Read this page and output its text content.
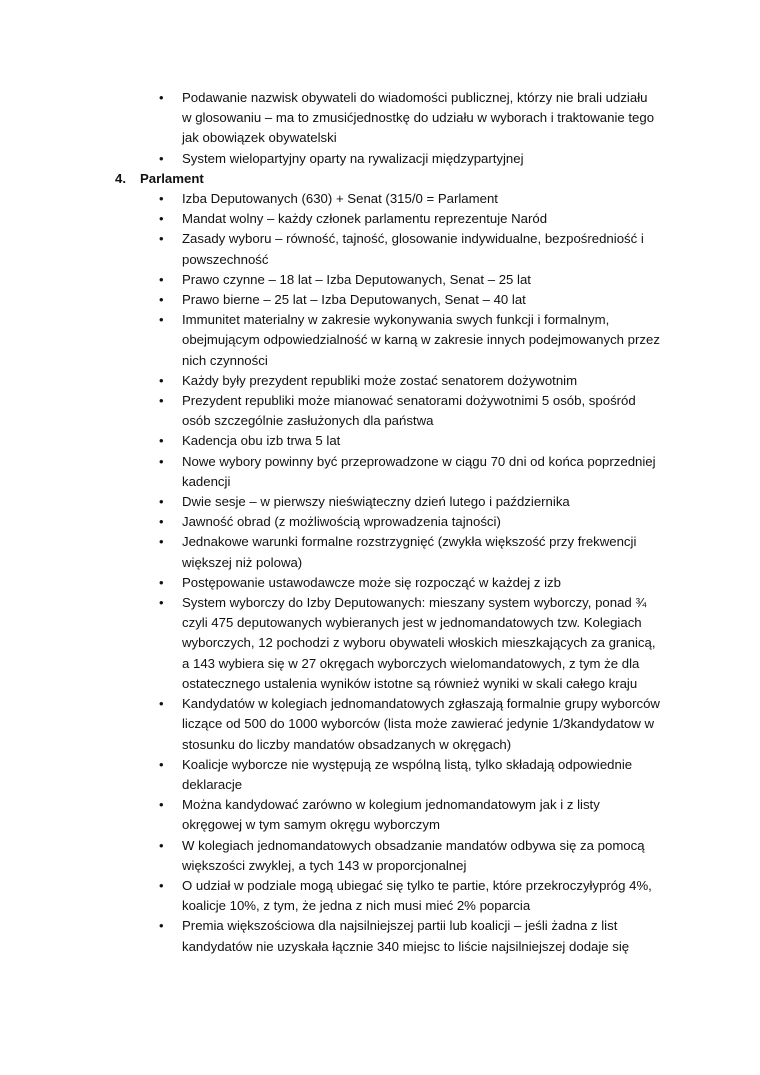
• Podawanie nazwisk obywateli do wiadomości publicznej, którzy nie brali udziału w glosowaniu – ma to zmusićjednostkę do udziału w wyborach i traktowanie tego jak obowiązek obywatelski
• System wielopartyjny oparty na rywalizacji międzypartyjnej
4. Parlament
• Izba Deputowanych (630) + Senat (315/0 = Parlament
• Mandat wolny – każdy członek parlamentu reprezentuje Naród
• Zasady wyboru – równość, tajność, glosowanie indywidualne, bezpośredniość i powszechność
• Prawo czynne – 18 lat – Izba Deputowanych, Senat – 25 lat
• Prawo bierne – 25 lat – Izba Deputowanych, Senat – 40 lat
• Immunitet materialny w zakresie wykonywania swych funkcji i formalnym, obejmującym odpowiedzialność w karną w zakresie innych podejmowanych przez nich czynności
• Każdy były prezydent republiki może zostać senatorem dożywotnim
• Prezydent republiki może mianować senatorami dożywotnimi 5 osób, spośród osób szczególnie zasłużonych dla państwa
• Kadencja obu izb trwa 5 lat
• Nowe wybory powinny być przeprowadzone w ciągu 70 dni od końca poprzedniej kadencji
• Dwie sesje – w pierwszy nieświąteczny dzień lutego i października
• Jawność obrad (z możliwością wprowadzenia tajności)
• Jednakowe warunki formalne rozstrzygnięć (zwykła większość przy frekwencji większej niż polowa)
• Postępowanie ustawodawcze może się rozpocząć w każdej z izb
• System wyborczy do Izby Deputowanych: mieszany system wyborczy, ponad ¾ czyli 475 deputowanych wybieranych jest w jednomandatowych tzw. Kolegiach wyborczych, 12 pochodzi z wyboru obywateli włoskich mieszkających za granicą, a 143 wybiera się w 27 okręgach wyborczych wielomandatowych, z tym że dla ostatecznego ustalenia wyników istotne są również wyniki w skali całego kraju
• Kandydatów w kolegiach jednomandatowych zgłaszają formalnie grupy wyborców liczące od 500 do 1000 wyborców (lista może zawierać jedynie 1/3kandydatow w stosunku do liczby mandatów obsadzanych w okręgach)
• Koalicje wyborcze nie występują ze wspólną listą, tylko składają odpowiednie deklaracje
• Można kandydować zarówno w kolegium jednomandatowym jak i z listy okręgowej w tym samym okręgu wyborczym
• W kolegiach jednomandatowych obsadzanie mandatów odbywa się za pomocą większości zwyklej, a tych 143 w proporcjonalnej
• O udział w podziale mogą ubiegać się tylko te partie, które przekroczyłypróg 4%, koalicje 10%, z tym, że jedna z nich musi mieć 2% poparcia
• Premia większościowa dla najsilniejszej partii lub koalicji – jeśli żadna z list kandydatów nie uzyskała łącznie 340 miejsc to liście najsilniejszej dodaje się
